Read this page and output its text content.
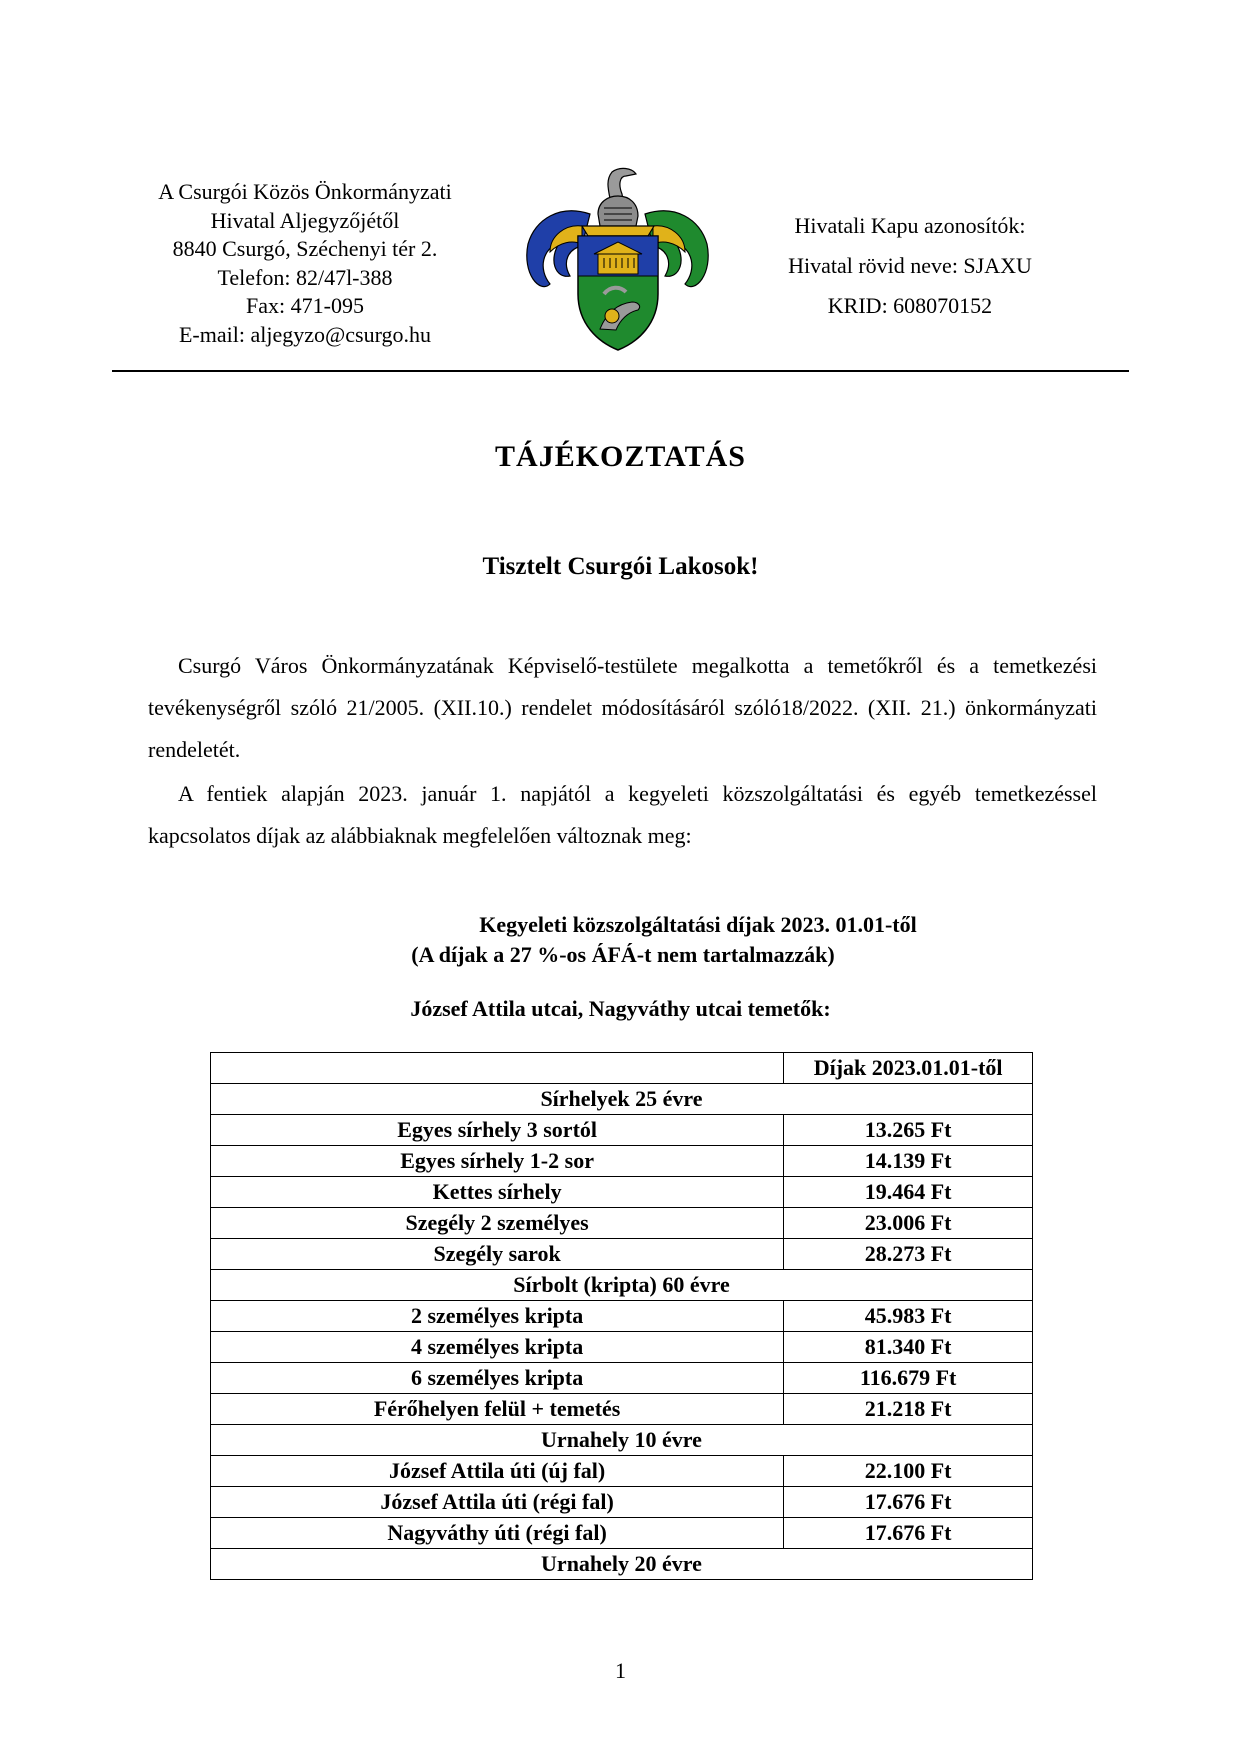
A Csurgói Közös Önkormányzati
Hivatal Aljegyzőjétől
8840 Csurgó, Széchenyi tér 2.
Telefon: 82/47l-388
Fax: 471-095
E-mail: aljegyzo@csurgo.hu
Hivatali Kapu azonosítók:
Hivatal rövid neve: SJAXU
KRID: 608070152
TÁJÉKOZTATÁS
Tisztelt Csurgói Lakosok!
Csurgó Város Önkormányzatának Képviselő-testülete megalkotta a temetőkről és a temetkezési tevékenységről szóló 21/2005. (XII.10.) rendelet módosításáról szóló18/2022. (XII. 21.) önkormányzati rendeletét.
A fentiek alapján 2023. január 1. napjától a kegyeleti közszolgáltatási és egyéb temetkezéssel kapcsolatos díjak az alábbiaknak megfelelően változnak meg:
Kegyeleti közszolgáltatási díjak 2023. 01.01-től
(A díjak a 27 %-os ÁFÁ-t nem tartalmazzák)
József Attila utcai, Nagyváthy utcai temetők:
	Díjak 2023.01.01-től
Sírhelyek 25 évre	
Egyes sírhely 3 sortól	13.265 Ft
Egyes sírhely 1-2 sor	14.139 Ft
Kettes sírhely	19.464 Ft
Szegély 2 személyes	23.006 Ft
Szegély sarok	28.273 Ft
Sírbolt (kripta) 60 évre	
2 személyes kripta	45.983 Ft
4 személyes kripta	81.340 Ft
6 személyes kripta	116.679 Ft
Férőhelyen felül + temetés	21.218 Ft
Urnahely 10 évre	
József Attila úti (új fal)	22.100 Ft
József Attila úti (régi fal)	17.676 Ft
Nagyváthy úti (régi fal)	17.676 Ft
Urnahely 20 évre	
1
